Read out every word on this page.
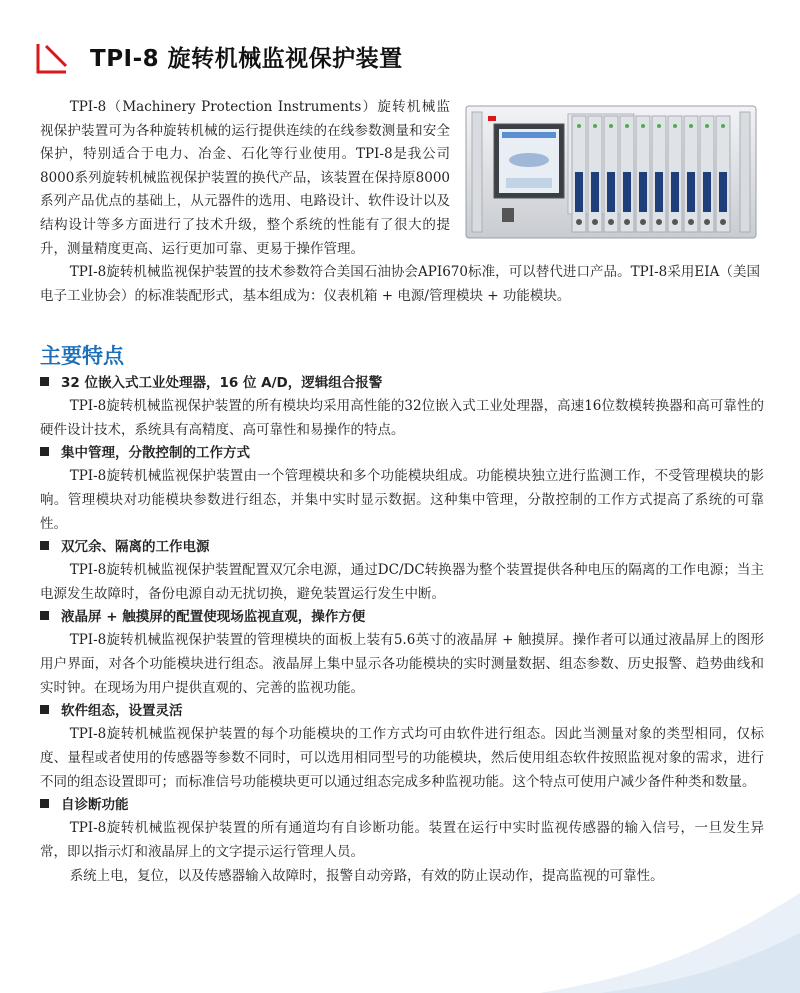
TPI-8 旋转机械监视保护装置

TPI-8（Machinery Protection Instruments）旋转机械监视保护装置可为各种旋转机械的运行提供连续的在线参数测量和安全保护，特别适合于电力、冶金、石化等行业使用。TPI-8是我公司8000系列旋转机械监视保护装置的换代产品，该装置在保持原8000系列产品优点的基础上，从元器件的选用、电路设计、软件设计以及结构设计等多方面进行了技术升级，整个系统的性能有了很大的提升，测量精度更高、运行更加可靠、更易于操作管理。

TPI-8旋转机械监视保护装置的技术参数符合美国石油协会API670标准，可以替代进口产品。TPI-8采用EIA（美国电子工业协会）的标准装配形式，基本组成为：仪表机箱 + 电源/管理模块 + 功能模块。

主要特点
32 位嵌入式工业处理器，16 位 A/D，逻辑组合报警

TPI-8旋转机械监视保护装置的所有模块均采用高性能的32位嵌入式工业处理器，高速16位数模转换器和高可靠性的硬件设计技术，系统具有高精度、高可靠性和易操作的特点。

集中管理，分散控制的工作方式

TPI-8旋转机械监视保护装置由一个管理模块和多个功能模块组成。功能模块独立进行监测工作，不受管理模块的影响。管理模块对功能模块参数进行组态，并集中实时显示数据。这种集中管理，分散控制的工作方式提高了系统的可靠性。

双冗余、隔离的工作电源

TPI-8旋转机械监视保护装置配置双冗余电源，通过DC/DC转换器为整个装置提供各种电压的隔离的工作电源；当主电源发生故障时，备份电源自动无扰切换，避免装置运行发生中断。

液晶屏 + 触摸屏的配置使现场监视直观，操作方便

TPI-8旋转机械监视保护装置的管理模块的面板上装有5.6英寸的液晶屏 + 触摸屏。操作者可以通过液晶屏上的图形用户界面，对各个功能模块进行组态。液晶屏上集中显示各功能模块的实时测量数据、组态参数、历史报警、趋势曲线和实时钟。在现场为用户提供直观的、完善的监视功能。

软件组态，设置灵活

TPI-8旋转机械监视保护装置的每个功能模块的工作方式均可由软件进行组态。因此当测量对象的类型相同，仅标度、量程或者使用的传感器等参数不同时，可以选用相同型号的功能模块，然后使用组态软件按照监视对象的需求，进行不同的组态设置即可；而标准信号功能模块更可以通过组态完成多种监视功能。这个特点可使用户减少备件种类和数量。

自诊断功能

TPI-8旋转机械监视保护装置的所有通道均有自诊断功能。装置在运行中实时监视传感器的输入信号，一旦发生异常，即以指示灯和液晶屏上的文字提示运行管理人员。

系统上电，复位，以及传感器输入故障时，报警自动旁路，有效的防止误动作，提高监视的可靠性。
